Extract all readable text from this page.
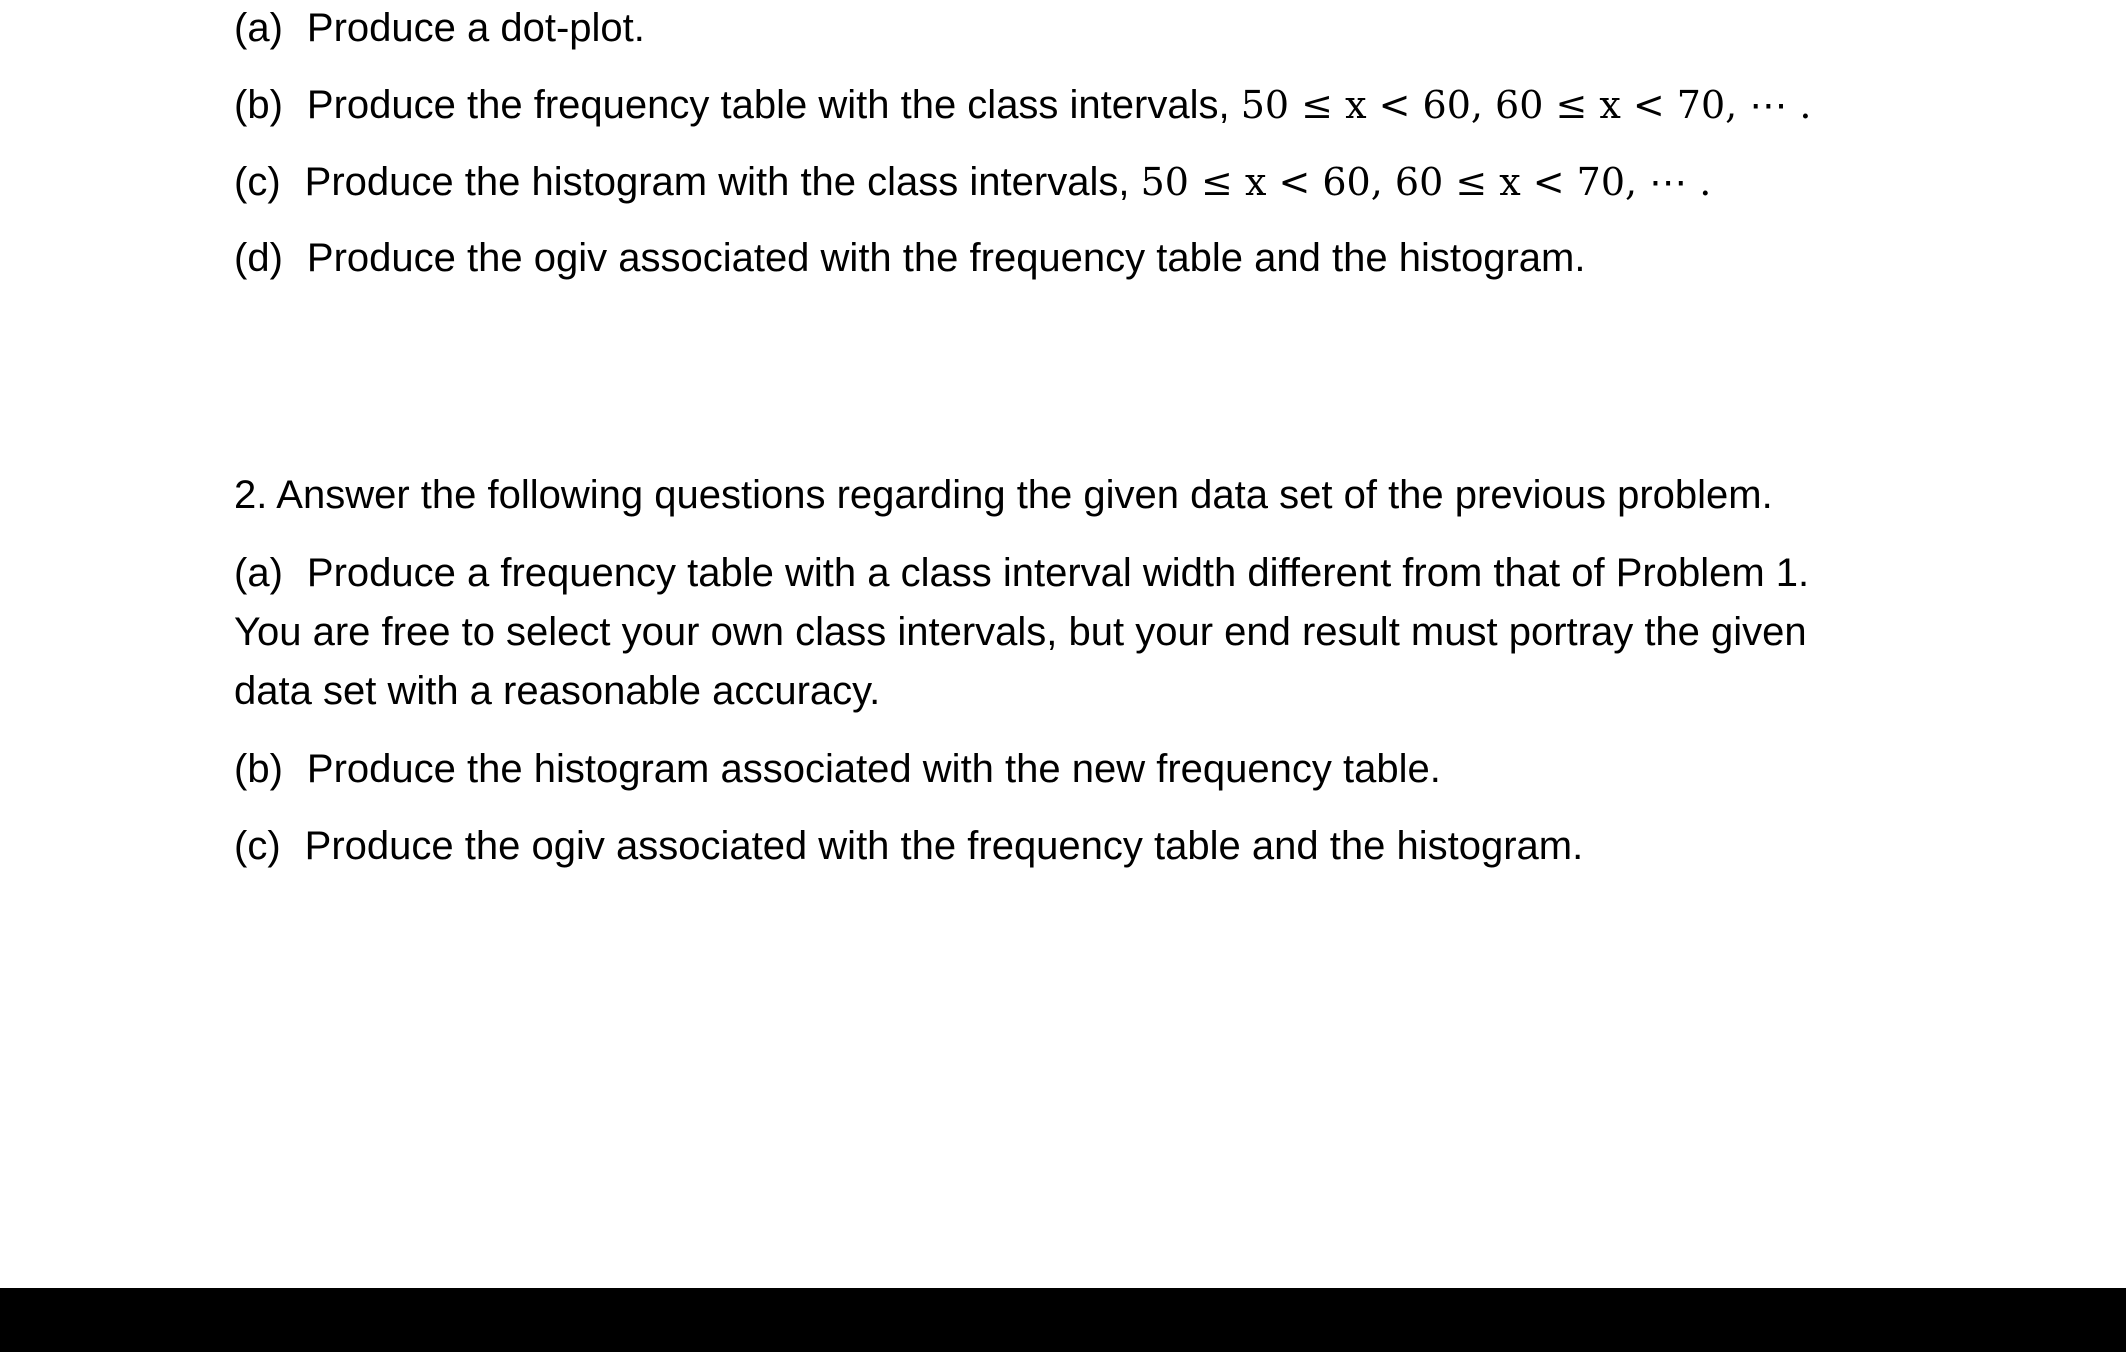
(a) Produce a dot-plot.
(b) Produce the frequency table with the class intervals, 50 ≤ x < 60, 60 ≤ x < 70, ⋯ .
(c) Produce the histogram with the class intervals, 50 ≤ x < 60, 60 ≤ x < 70, ⋯ .
(d) Produce the ogiv associated with the frequency table and the histogram.
2. Answer the following questions regarding the given data set of the previous problem.
(a) Produce a frequency table with a class interval width different from that of Problem 1.
You are free to select your own class intervals, but your end result must portray the given
data set with a reasonable accuracy.
(b) Produce the histogram associated with the new frequency table.
(c) Produce the ogiv associated with the frequency table and the histogram.
